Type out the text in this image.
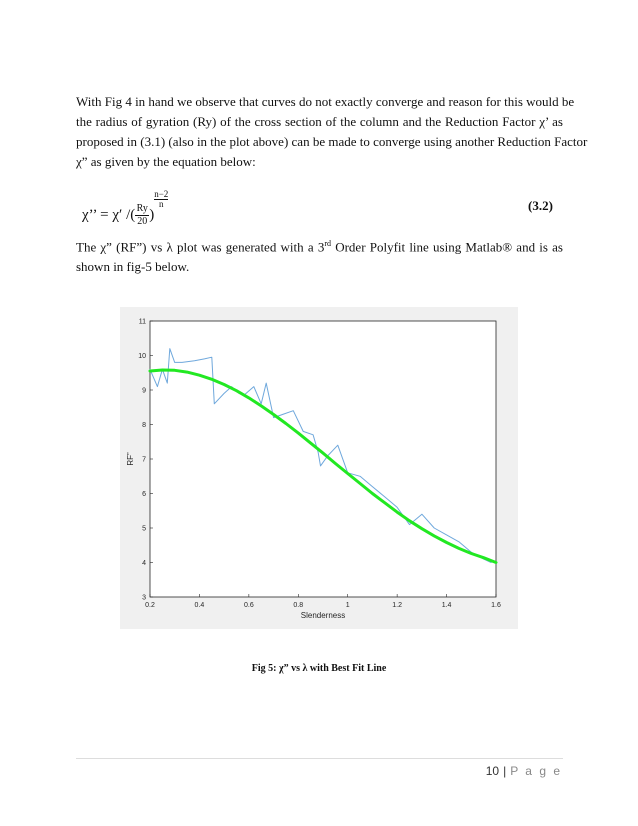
With Fig 4 in hand we observe that curves do not exactly converge and reason for this would be
the radius of gyration (Ry) of the cross section of the column and the Reduction Factor χ’ as
proposed in (3.1) (also in the plot above) can be made to converge using another Reduction Factor
χ” as given by the equation below:

χ’’ = χ′ /( $\frac{Ry}{20}$ )
$\frac{n-2}{n}$	(3.2)

The χ” (RF”) vs λ plot was generated with a 3rd Order Polyfit line using Matlab® and is as
shown in fig-5 below.

0.2	0.4	0.6	0.8	1	1.2	1.4	1.6
3
4
5
6
7
8
9
10
11
Slenderness
RF”
Fig 5: χ” vs λ with Best Fit Line
10 | P a g e
